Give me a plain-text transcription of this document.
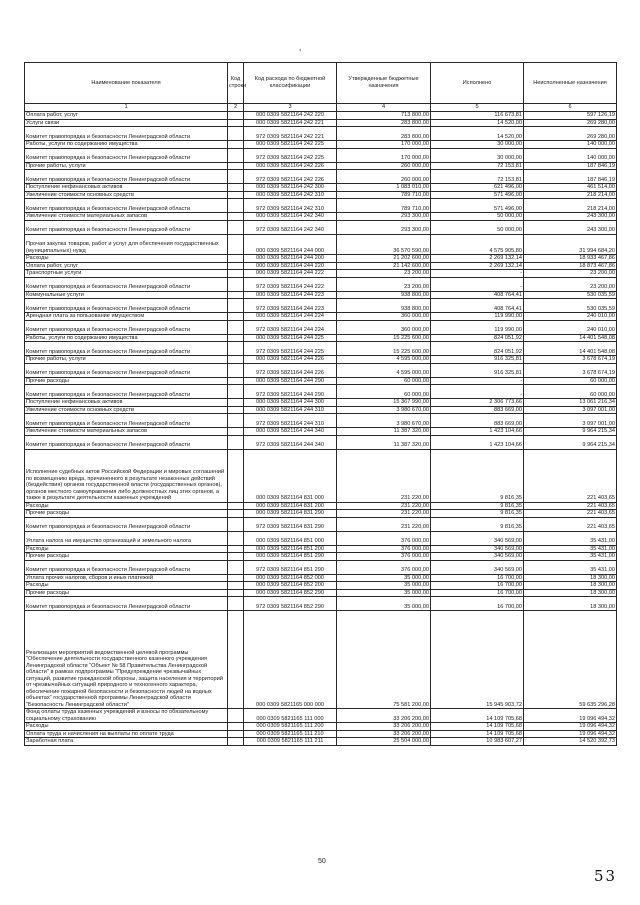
'
Наименование показателя	Код строки	Код расхода по бюджетной классификации	Утвержденные бюджетные назначения	Исполнено	Неисполненные назначения
1	2	3	4	5	6
Оплата работ, услуг		000 0309 5821164 242 220	713 800,00	116 673,81	597 126,19
Услуги связи		000 0309 5821164 242 221	283 800,00	14 520,00	269 280,00
Комитет правопорядка и безопасности Ленинградской области		972 0309 5821164 242 221	283 800,00	14 520,00	269 280,00
Работы, услуги по содержанию имущества		000 0309 5821164 242 225	170 000,00	30 000,00	140 000,00
Комитет правопорядка и безопасности Ленинградской области		972 0309 5821164 242 225	170 000,00	30 000,00	140 000,00
Прочие работы, услуги		000 0309 5821164 242 226	260 000,00	72 153,81	187 846,19
Комитет правопорядка и безопасности Ленинградской области		972 0309 5821164 242 226	260 000,00	72 153,81	187 846,19
Поступление нефинансовых активов		000 0309 5821164 242 300	1 083 010,00	621 496,00	461 514,00
Увеличение стоимости основных средств		000 0309 5821164 242 310	789 710,00	571 496,00	218 214,00
Комитет правопорядка и безопасности Ленинградской области		972 0309 5821164 242 310	789 710,00	571 496,00	218 214,00
Увеличение стоимости материальных запасов		000 0309 5821164 242 340	293 300,00	50 000,00	243 300,00
Комитет правопорядка и безопасности Ленинградской области		972 0309 5821164 242 340	293 300,00	50 000,00	243 300,00
Прочая закупка товаров, работ и услуг для обеспечения государственных (муниципальных) нужд		000 0309 5821164 244 000	36 570 590,00	4 575 905,80	31 994 684,20
Расходы		000 0309 5821164 244 200	21 202 600,00	2 269 132,14	18 933 467,86
Оплата работ, услуг		000 0309 5821164 244 220	21 142 600,00	2 269 132,14	18 873 467,86
Транспортные услуги		000 0309 5821164 244 222	23 200,00	-	23 200,00
Комитет правопорядка и безопасности Ленинградской области		972 0309 5821164 244 222	23 200,00	-	23 200,00
Коммунальные услуги		000 0309 5821164 244 223	938 800,00	408 764,41	530 035,59
Комитет правопорядка и безопасности Ленинградской области		972 0309 5821164 244 223	938 800,00	408 764,41	530 035,59
Арендная плата за пользование имуществом		000 0309 5821164 244 224	360 000,00	119 990,00	240 010,00
Комитет правопорядка и безопасности Ленинградской области		972 0309 5821164 244 224	360 000,00	119 990,00	240 010,00
Работы, услуги по содержанию имущества		000 0309 5821164 244 225	15 225 600,00	824 051,92	14 401 548,08
Комитет правопорядка и безопасности Ленинградской области		972 0309 5821164 244 225	15 225 600,00	824 051,92	14 401 548,08
Прочие работы, услуги		000 0309 5821164 244 226	4 595 000,00	916 325,81	3 678 674,19
Комитет правопорядка и безопасности Ленинградской области		972 0309 5821164 244 226	4 595 000,00	916 325,81	3 678 674,19
Прочие расходы		000 0309 5821164 244 290	60 000,00	-	60 000,00
Комитет правопорядка и безопасности Ленинградской области		972 0309 5821164 244 290	60 000,00	-	60 000,00
Поступление нефинансовых активов		000 0309 5821164 244 300	15 367 990,00	2 306 773,66	13 061 216,34
Увеличение стоимости основных средств		000 0309 5821164 244 310	3 980 670,00	883 669,00	3 097 001,00
Комитет правопорядка и безопасности Ленинградской области		972 0309 5821164 244 310	3 980 670,00	883 669,00	3 097 001,00
Увеличение стоимости материальных запасов		000 0309 5821164 244 340	11 387 320,00	1 423 104,66	9 964 215,34
Комитет правопорядка и безопасности Ленинградской области		972 0309 5821164 244 340	11 387 320,00	1 423 104,66	9 964 215,34
Исполнение судебных актов Российской Федерации и мировых соглашений по возмещению вреда, причиненного в результате незаконных действий (бездействия) органов государственной власти (государственных органов), органов местного самоуправления либо должностных лиц этих органов, а также в результате деятельности казенных учреждений		000 0309 5821164 831 000	231 220,00	9 816,35	221 403,65
Расходы		000 0309 5821164 831 200	231 220,00	9 816,35	221 403,65
Прочие расходы		000 0309 5821164 831 290	231 220,00	9 816,35	221 403,65
Комитет правопорядка и безопасности Ленинградской области		972 0309 5821164 831 290	231 220,00	9 816,35	221 403,65
Уплата налога на имущество организаций и земельного налога		000 0309 5821164 851 000	376 000,00	340 569,00	35 431,00
Расходы		000 0309 5821164 851 200	376 000,00	340 569,00	35 431,00
Прочие расходы		000 0309 5821164 851 290	376 000,00	340 569,00	35 431,00
Комитет правопорядка и безопасности Ленинградской области		972 0309 5821164 851 290	376 000,00	340 569,00	35 431,00
Уплата прочих налогов, сборов и иных платежей		000 0309 5821164 852 000	35 000,00	16 700,00	18 300,00
Расходы		000 0309 5821164 852 200	35 000,00	16 700,00	18 300,00
Прочие расходы		000 0309 5821164 852 290	35 000,00	16 700,00	18 300,00
Комитет правопорядка и безопасности Ленинградской области		972 0309 5821164 852 290	35 000,00	16 700,00	18 300,00
Реализация мероприятий ведомственной целевой программы "Обеспечение деятельности государственного казенного учреждения Ленинградской области "Объект № 58 Правительства Ленинградской области" в рамках подпрограммы "Предупреждение чрезвычайных ситуаций, развитие гражданской обороны, защита населения и территорий от чрезвычайных ситуаций природного и техногенного характера, обеспечение пожарной безопасности и безопасности людей на водных объектах" государственной программы Ленинградской области "Безопасность Ленинградской области"		000 0309 5821165 000 000	75 581 200,00	15 945 903,72	59 635 296,28
Фонд оплаты труда казенных учреждений и взносы по обязательному социальному страхованию		000 0309 5821165 111 000	33 206 200,00	14 109 705,68	19 096 494,32
Расходы		000 0309 5821165 111 200	33 206 200,00	14 109 705,68	19 096 494,32
Оплата труда и начисления на выплаты по оплате труда		000 0309 5821165 111 210	33 206 200,00	14 109 705,68	19 096 494,32
Заработная плата		000 0309 5821165 111 211	25 504 000,00	10 983 607,27	14 520 392,73
50
53
